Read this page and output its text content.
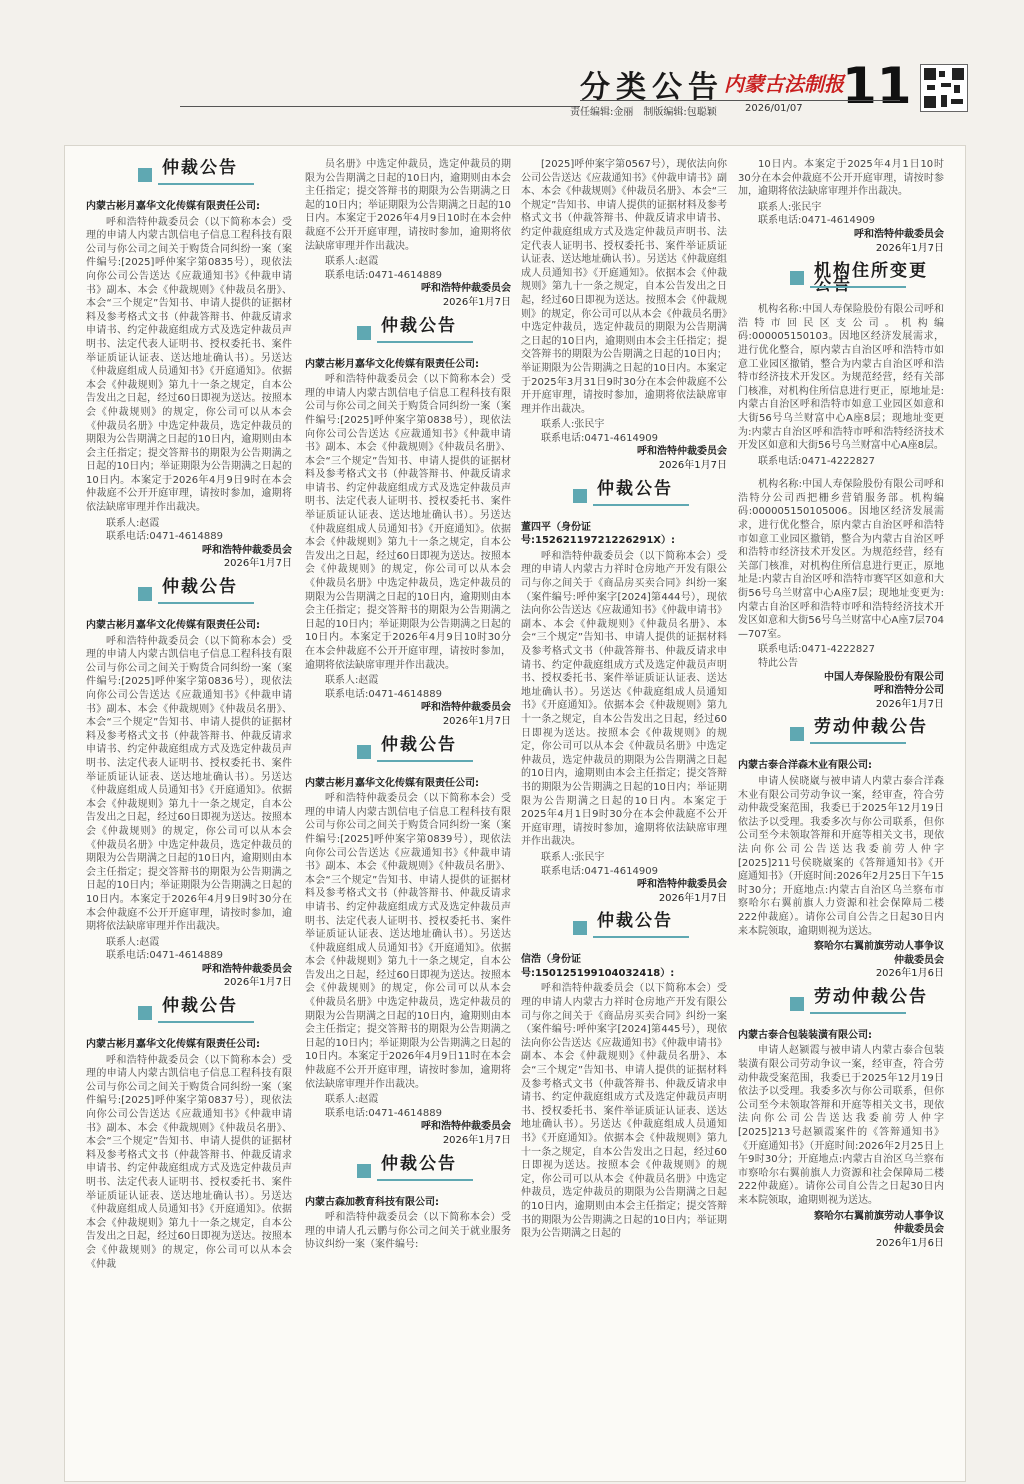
分类公告 内蒙古法制报
11
责任编辑:金丽　制版编辑:包聪颖	2026/01/07
仲裁公告
内蒙古彬月嘉华文化传媒有限责任公司:
呼和浩特仲裁委员会（以下简称本会）受理的申请人内蒙古凯信电子信息工程科技有限公司与你公司之间关于购货合同纠纷一案（案件编号:[2025]呼仲案字第0835号），现依法向你公司公告送达《应裁通知书》《仲裁申请书》副本、本会《仲裁规则》《仲裁员名册》、本会“三个规定”告知书、申请人提供的证据材料及参考格式文书（仲裁答辩书、仲裁反请求申请书、约定仲裁庭组成方式及选定仲裁员声明书、法定代表人证明书、授权委托书、案件举证质证认证表、送达地址确认书）。另送达《仲裁庭组成人员通知书》《开庭通知》。依据本会《仲裁规则》第九十一条之规定，自本公告发出之日起，经过60日即视为送达。按照本会《仲裁规则》的规定，你公司可以从本会《仲裁员名册》中选定仲裁员，选定仲裁员的期限为公告期满之日起的10日内，逾期则由本会主任指定；提交答辩书的期限为公告期满之日起的10日内；举证期限为公告期满之日起的10日内。本案定于2026年4月9日9时在本会仲裁庭不公开开庭审理，请按时参加，逾期将依法缺席审理并作出裁决。
联系人:赵霞
联系电话:0471-4614889
呼和浩特仲裁委员会
2026年1月7日
仲裁公告
内蒙古彬月嘉华文化传媒有限责任公司:
呼和浩特仲裁委员会（以下简称本会）受理的申请人内蒙古凯信电子信息工程科技有限公司与你公司之间关于购货合同纠纷一案（案件编号:[2025]呼仲案字第0836号），现依法向你公司公告送达《应裁通知书》《仲裁申请书》副本、本会《仲裁规则》《仲裁员名册》、本会“三个规定”告知书、申请人提供的证据材料及参考格式文书（仲裁答辩书、仲裁反请求申请书、约定仲裁庭组成方式及选定仲裁员声明书、法定代表人证明书、授权委托书、案件举证质证认证表、送达地址确认书）。另送达《仲裁庭组成人员通知书》《开庭通知》。依据本会《仲裁规则》第九十一条之规定，自本公告发出之日起，经过60日即视为送达。按照本会《仲裁规则》的规定，你公司可以从本会《仲裁员名册》中选定仲裁员，选定仲裁员的期限为公告期满之日起的10日内，逾期则由本会主任指定；提交答辩书的期限为公告期满之日起的10日内；举证期限为公告期满之日起的10日内。本案定于2026年4月9日9时30分在本会仲裁庭不公开开庭审理，请按时参加，逾期将依法缺席审理并作出裁决。
联系人:赵霞
联系电话:0471-4614889
呼和浩特仲裁委员会
2026年1月7日
仲裁公告
内蒙古彬月嘉华文化传媒有限责任公司:
呼和浩特仲裁委员会（以下简称本会）受理的申请人内蒙古凯信电子信息工程科技有限公司与你公司之间关于购货合同纠纷一案（案件编号:[2025]呼仲案字第0837号），现依法向你公司公告送达《应裁通知书》《仲裁申请书》副本、本会《仲裁规则》《仲裁员名册》、本会“三个规定”告知书、申请人提供的证据材料及参考格式文书（仲裁答辩书、仲裁反请求申请书、约定仲裁庭组成方式及选定仲裁员声明书、法定代表人证明书、授权委托书、案件举证质证认证表、送达地址确认书）。另送达《仲裁庭组成人员通知书》《开庭通知》。依据本会《仲裁规则》第九十一条之规定，自本公告发出之日起，经过60日即视为送达。按照本会《仲裁规则》的规定，你公司可以从本会《仲裁
员名册》中选定仲裁员，选定仲裁员的期限为公告期满之日起的10日内，逾期则由本会主任指定；提交答辩书的期限为公告期满之日起的10日内；举证期限为公告期满之日起的10日内。本案定于2026年4月9日10时在本会仲裁庭不公开开庭审理，请按时参加，逾期将依法缺席审理并作出裁决。
联系人:赵霞
联系电话:0471-4614889
呼和浩特仲裁委员会
2026年1月7日
仲裁公告
内蒙古彬月嘉华文化传媒有限责任公司:
呼和浩特仲裁委员会（以下简称本会）受理的申请人内蒙古凯信电子信息工程科技有限公司与你公司之间关于购货合同纠纷一案（案件编号:[2025]呼仲案字第0838号），现依法向你公司公告送达《应裁通知书》《仲裁申请书》副本、本会《仲裁规则》《仲裁员名册》、本会“三个规定”告知书、申请人提供的证据材料及参考格式文书（仲裁答辩书、仲裁反请求申请书、约定仲裁庭组成方式及选定仲裁员声明书、法定代表人证明书、授权委托书、案件举证质证认证表、送达地址确认书）。另送达《仲裁庭组成人员通知书》《开庭通知》。依据本会《仲裁规则》第九十一条之规定，自本公告发出之日起，经过60日即视为送达。按照本会《仲裁规则》的规定，你公司可以从本会《仲裁员名册》中选定仲裁员，选定仲裁员的期限为公告期满之日起的10日内，逾期则由本会主任指定；提交答辩书的期限为公告期满之日起的10日内；举证期限为公告期满之日起的10日内。本案定于2026年4月9日10时30分在本会仲裁庭不公开开庭审理，请按时参加，逾期将依法缺席审理并作出裁决。
联系人:赵霞
联系电话:0471-4614889
呼和浩特仲裁委员会
2026年1月7日
仲裁公告
内蒙古彬月嘉华文化传媒有限责任公司:
呼和浩特仲裁委员会（以下简称本会）受理的申请人内蒙古凯信电子信息工程科技有限公司与你公司之间关于购货合同纠纷一案（案件编号:[2025]呼仲案字第0839号），现依法向你公司公告送达《应裁通知书》《仲裁申请书》副本、本会《仲裁规则》《仲裁员名册》、本会“三个规定”告知书、申请人提供的证据材料及参考格式文书（仲裁答辩书、仲裁反请求申请书、约定仲裁庭组成方式及选定仲裁员声明书、法定代表人证明书、授权委托书、案件举证质证认证表、送达地址确认书）。另送达《仲裁庭组成人员通知书》《开庭通知》。依据本会《仲裁规则》第九十一条之规定，自本公告发出之日起，经过60日即视为送达。按照本会《仲裁规则》的规定，你公司可以从本会《仲裁员名册》中选定仲裁员，选定仲裁员的期限为公告期满之日起的10日内，逾期则由本会主任指定；提交答辩书的期限为公告期满之日起的10日内；举证期限为公告期满之日起的10日内。本案定于2026年4月9日11时在本会仲裁庭不公开开庭审理，请按时参加，逾期将依法缺席审理并作出裁决。
联系人:赵霞
联系电话:0471-4614889
呼和浩特仲裁委员会
2026年1月7日
仲裁公告
内蒙古森加教育科技有限公司:
呼和浩特仲裁委员会（以下简称本会）受理的申请人孔云鹏与你公司之间关于就业服务协议纠纷一案（案件编号:
[2025]呼仲案字第0567号），现依法向你公司公告送达《应裁通知书》《仲裁申请书》副本、本会《仲裁规则》《仲裁员名册》、本会“三个规定”告知书、申请人提供的证据材料及参考格式文书（仲裁答辩书、仲裁反请求申请书、约定仲裁庭组成方式及选定仲裁员声明书、法定代表人证明书、授权委托书、案件举证质证认证表、送达地址确认书）。另送达《仲裁庭组成人员通知书》《开庭通知》。依据本会《仲裁规则》第九十一条之规定，自本公告发出之日起，经过60日即视为送达。按照本会《仲裁规则》的规定，你公司可以从本会《仲裁员名册》中选定仲裁员，选定仲裁员的期限为公告期满之日起的10日内，逾期则由本会主任指定；提交答辩书的期限为公告期满之日起的10日内；举证期限为公告期满之日起的10日内。本案定于2025年3月31日9时30分在本会仲裁庭不公开开庭审理，请按时参加，逾期将依法缺席审理并作出裁决。
联系人:张民宇
联系电话:0471-4614909
呼和浩特仲裁委员会
2026年1月7日
仲裁公告
董四平（身份证号:15262119721226291X）:
呼和浩特仲裁委员会（以下简称本会）受理的申请人内蒙古力祥时仓房地产开发有限公司与你之间关于《商品房买卖合同》纠纷一案（案件编号:呼仲案字[2024]第444号），现依法向你公告送达《应裁通知书》《仲裁申请书》副本、本会《仲裁规则》《仲裁员名册》、本会“三个规定”告知书、申请人提供的证据材料及参考格式文书（仲裁答辩书、仲裁反请求申请书、约定仲裁庭组成方式及选定仲裁员声明书、授权委托书、案件举证质证认证表、送达地址确认书）。另送达《仲裁庭组成人员通知书》《开庭通知》。依据本会《仲裁规则》第九十一条之规定，自本公告发出之日起，经过60日即视为送达。按照本会《仲裁规则》的规定，你公司可以从本会《仲裁员名册》中选定仲裁员，选定仲裁员的期限为公告期满之日起的10日内，逾期则由本会主任指定；提交答辩书的期限为公告期满之日起的10日内；举证期限为公告期满之日起的10日内。本案定于2025年4月1日9时30分在本会仲裁庭不公开开庭审理，请按时参加，逾期将依法缺席审理并作出裁决。
联系人:张民宇
联系电话:0471-4614909
呼和浩特仲裁委员会
2026年1月7日
仲裁公告
信浩（身份证号:150125199104032418）:
呼和浩特仲裁委员会（以下简称本会）受理的申请人内蒙古力祥时仓房地产开发有限公司与你之间关于《商品房买卖合同》纠纷一案（案件编号:呼仲案字[2024]第445号），现依法向你公告送达《应裁通知书》《仲裁申请书》副本、本会《仲裁规则》《仲裁员名册》、本会“三个规定”告知书、申请人提供的证据材料及参考格式文书（仲裁答辩书、仲裁反请求申请书、约定仲裁庭组成方式及选定仲裁员声明书、授权委托书、案件举证质证认证表、送达地址确认书）。另送达《仲裁庭组成人员通知书》《开庭通知》。依据本会《仲裁规则》第九十一条之规定，自本公告发出之日起，经过60日即视为送达。按照本会《仲裁规则》的规定，你公司可以从本会《仲裁员名册》中选定仲裁员，选定仲裁员的期限为公告期满之日起的10日内，逾期则由本会主任指定；提交答辩书的期限为公告期满之日起的10日内；举证期限为公告期满之日起的
10日内。本案定于2025年4月1日10时30分在本会仲裁庭不公开开庭审理，请按时参加，逾期将依法缺席审理并作出裁决。
联系人:张民宇
联系电话:0471-4614909
呼和浩特仲裁委员会
2026年1月7日
机构住所变更公告
机构名称:中国人寿保险股份有限公司呼和浩特市回民区支公司。机构编码:000005150103。因地区经济发展需求，进行优化整合，原内蒙古自治区呼和浩特市如意工业园区撤销，整合为内蒙古自治区呼和浩特市经济技术开发区。为规范经营，经有关部门核准，对机构住所信息进行更正，原地址是:内蒙古自治区呼和浩特市如意工业园区如意和大街56号乌兰财富中心A座8层；现地址变更为:内蒙古自治区呼和浩特市呼和浩特经济技术开发区如意和大街56号乌兰财富中心A座8层。
联系电话:0471-4222827
机构名称:中国人寿保险股份有限公司呼和浩特分公司西把栅乡营销服务部。机构编码:000005150105006。因地区经济发展需求，进行优化整合，原内蒙古自治区呼和浩特市如意工业园区撤销，整合为内蒙古自治区呼和浩特市经济技术开发区。为规范经营，经有关部门核准，对机构住所信息进行更正，原地址是:内蒙古自治区呼和浩特市赛罕区如意和大街56号乌兰财富中心A座7层；现地址变更为:内蒙古自治区呼和浩特市呼和浩特经济技术开发区如意和大街56号乌兰财富中心A座7层704—707室。
联系电话:0471-4222827
特此公告
中国人寿保险股份有限公司
呼和浩特分公司
2026年1月7日
劳动仲裁公告
内蒙古泰合洋森木业有限公司:
申请人侯晓崴与被申请人内蒙古泰合洋森木业有限公司劳动争议一案，经审查，符合劳动仲裁受案范围，我委已于2025年12月19日依法予以受理。我委多次与你公司联系，但你公司至今未领取答辩和开庭等相关文书，现依法向你公司公告送达我委前劳人仲字[2025]211号侯晓崴案的《答辩通知书》《开庭通知书》（开庭时间:2026年2月25日下午15时30分；开庭地点:内蒙古自治区乌兰察布市察哈尔右翼前旗人力资源和社会保障局二楼222仲裁庭）。请你公司自公告之日起30日内来本院领取，逾期则视为送达。
察哈尔右翼前旗劳动人事争议
仲裁委员会
2026年1月6日
劳动仲裁公告
内蒙古泰合包装装潢有限公司:
申请人赵颍霞与被申请人内蒙古泰合包装装潢有限公司劳动争议一案，经审查，符合劳动仲裁受案范围，我委已于2025年12月19日依法予以受理。我委多次与你公司联系，但你公司至今未领取答辩和开庭等相关文书，现依法向你公司公告送达我委前劳人仲字[2025]213号赵颍霞案件的《答辩通知书》《开庭通知书》（开庭时间:2026年2月25日上午9时30分；开庭地点:内蒙古自治区乌兰察布市察哈尔右翼前旗人力资源和社会保障局二楼222仲裁庭）。请你公司自公告之日起30日内来本院领取，逾期则视为送达。
察哈尔右翼前旗劳动人事争议
仲裁委员会
2026年1月6日
